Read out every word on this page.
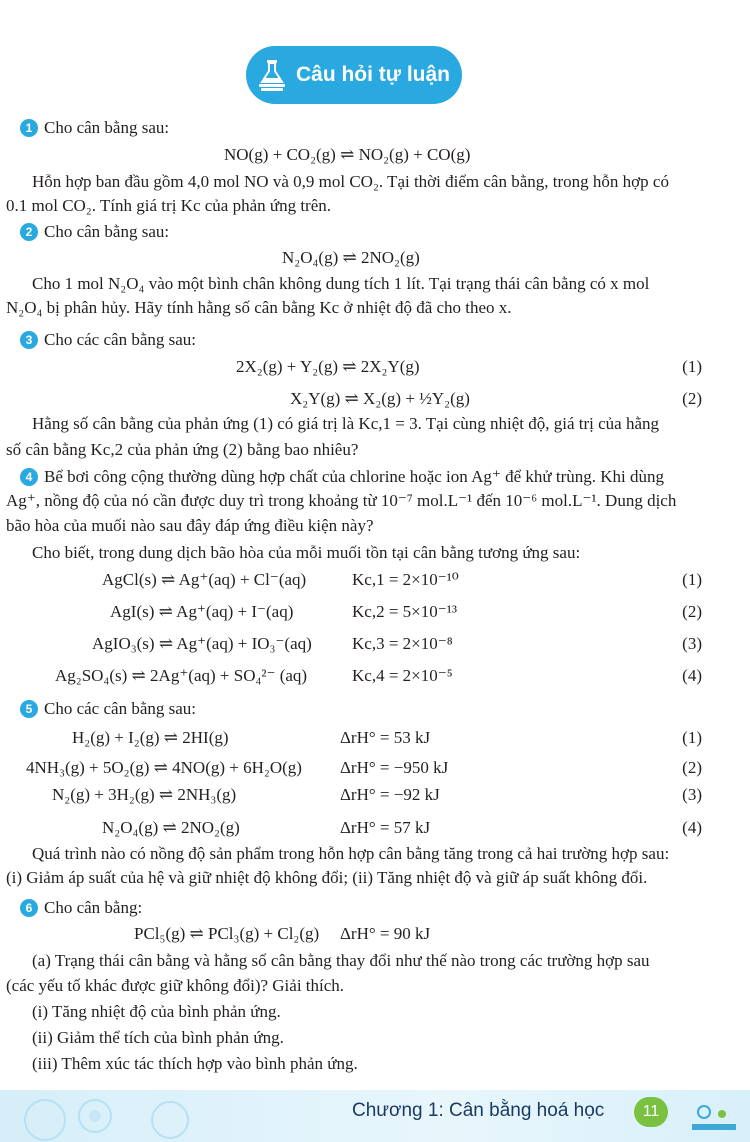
Câu hỏi tự luận
1 Cho cân bằng sau:
NO(g) + CO₂(g) ⇌ NO₂(g) + CO(g)
Hỗn hợp ban đầu gồm 4,0 mol NO và 0,9 mol CO₂. Tại thời điểm cân bằng, trong hỗn hợp có
0.1 mol CO₂. Tính giá trị Kc của phản ứng trên.
2 Cho cân bằng sau:
N₂O₄(g) ⇌ 2NO₂(g)
Cho 1 mol N₂O₄ vào một bình chân không dung tích 1 lít. Tại trạng thái cân bằng có x mol
N₂O₄ bị phân hủy. Hãy tính hằng số cân bằng Kc ở nhiệt độ đã cho theo x.
3 Cho các cân bằng sau:
2X₂(g) + Y₂(g) ⇌ 2X₂Y(g)	(1)
X₂Y(g) ⇌ X₂(g) + ½Y₂(g)	(2)
Hằng số cân bằng của phản ứng (1) có giá trị là Kc,1 = 3. Tại cùng nhiệt độ, giá trị của hằng
số cân bằng Kc,2 của phản ứng (2) bằng bao nhiêu?
4 Bể bơi công cộng thường dùng hợp chất của chlorine hoặc ion Ag⁺ để khử trùng. Khi dùng
Ag⁺, nồng độ của nó cần được duy trì trong khoảng từ 10⁻⁷ mol.L⁻¹ đến 10⁻⁶ mol.L⁻¹. Dung dịch
bão hòa của muối nào sau đây đáp ứng điều kiện này?
Cho biết, trong dung dịch bão hòa của mỗi muối tồn tại cân bằng tương ứng sau:
AgCl(s) ⇌ Ag⁺(aq) + Cl⁻(aq)	Kc,1 = 2×10⁻¹⁰	(1)
AgI(s) ⇌ Ag⁺(aq) + I⁻(aq)	Kc,2 = 5×10⁻¹³	(2)
AgIO₃(s) ⇌ Ag⁺(aq) + IO₃⁻(aq) Kc,3 = 2×10⁻⁸	(3)
Ag₂SO₄(s) ⇌ 2Ag⁺(aq) + SO₄²⁻ (aq)	Kc,4 = 2×10⁻⁵	(4)
5 Cho các cân bằng sau:
H₂(g) + I₂(g) ⇌ 2HI(g)	ΔrH° = 53 kJ	(1)
4NH₃(g) + 5O₂(g) ⇌ 4NO(g) + 6H₂O(g) ΔrH° = −950 kJ	(2)
N₂(g) + 3H₂(g) ⇌ 2NH₃(g)	ΔrH° = −92 kJ	(3)
N₂O₄(g) ⇌ 2NO₂(g)	ΔrH° = 57 kJ	(4)
Quá trình nào có nồng độ sản phẩm trong hỗn hợp cân bằng tăng trong cả hai trường hợp sau:
(i) Giảm áp suất của hệ và giữ nhiệt độ không đổi; (ii) Tăng nhiệt độ và giữ áp suất không đổi.
6 Cho cân bằng:
PCl₅(g) ⇌ PCl₃(g) + Cl₂(g) ΔrH° = 90 kJ
(a) Trạng thái cân bằng và hằng số cân bằng thay đổi như thế nào trong các trường hợp sau
(các yếu tố khác được giữ không đổi)? Giải thích.
(i) Tăng nhiệt độ của bình phản ứng.
(ii) Giảm thể tích của bình phản ứng.
(iii) Thêm xúc tác thích hợp vào bình phản ứng.
Chương 1: Cân bằng hoá học	11
